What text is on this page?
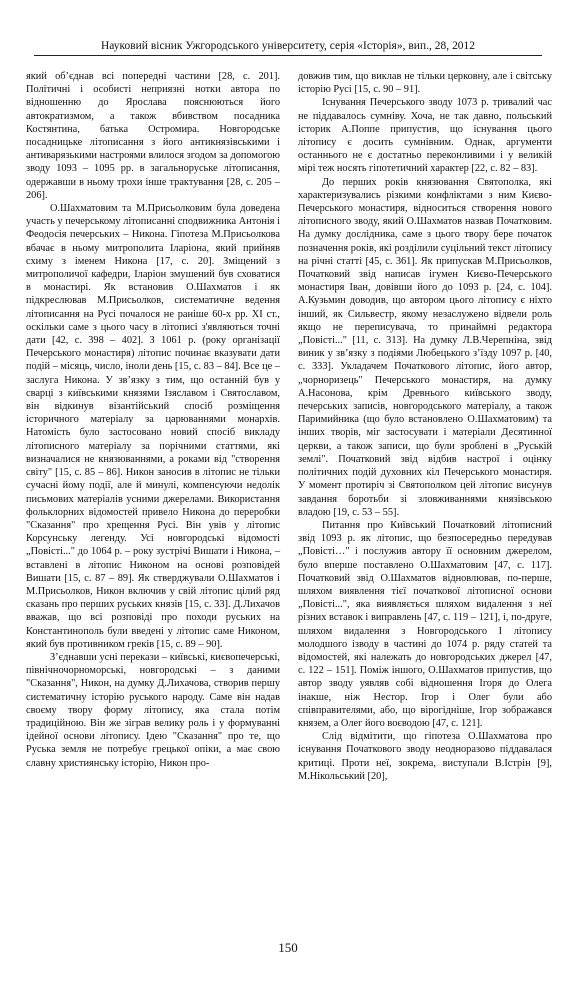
Науковий вісник Ужгородського університету, серія «Історія», вип., 28, 2012

який об’єднав всі попередні частини [28, с. 201]. Політичні і особисті неприязні нотки автора по відношенню до Ярослава пояснюються його автократизмом, а також вбивством посадника Костянтина, батька Остромира. Новгородське посадницьке літописання з його антикнязівськими і антиварязькими настроями влилося згодом за допомогою зводу 1093 – 1095 рр. в загальноруське літописання, одержавши в ньому трохи інше трактування [28, с. 205 – 206].

О.Шахматовим та М.Присьолковим була доведена участь у печерському літописанні сподвижника Антонія і Феодосія печерських – Никона. Гіпотеза М.Присьолкова вбачає в ньому митрополита Іларіона, який прийняв схиму з іменем Никона [17, с. 20]. Зміщений з митрополичої кафедри, Іларіон змушений був сховатися в монастирі. Як встановив О.Шахматов і як підкреслював М.Присьолков, систематичне ведення літописання на Русі почалося не раніше 60-х рр. ХІ ст., оскільки саме з цього часу в літописі з'являються точні дати [42, с. 398 – 402]. З 1061 р. (року організації Печерського монастиря) літопис починає вказувати дати подій – місяць, число, іноли день [15, с. 83 – 84]. Все це – заслуга Никона. У зв’язку з тим, що останній був у сварці з київськими князями Ізяславом і Святославом, він відкинув візантійський спосіб розміщення історичного матеріалу за царюваннями монархів. Натомість було застосовано новий спосіб викладу літописного матеріалу за порічними статтями, які визначалися не князюваннями, а роками від "створення світу" [15, с. 85 – 86]. Никон заносив в літопис не тільки сучасні йому події, але й минулі, компенсуючи недолік письмових матеріалів усними джерелами. Використання фольклорних відомостей привело Никона до переробки "Сказання" про хрещення Русі. Він увів у літопис Корсунську легенду. Усі новгородські відомості „Повісті..." до 1064 р. – року зустрічі Вишати і Никона, – вставлені в літопис Никоном на основі розповідей Вишати [15, с. 87 – 89]. Як стверджували О.Шахматов і М.Присьолков, Никон включив у свій літопис цілий ряд сказань про перших руських князів [15, с. 33]. Д.Лихачов вважав, що всі розповіді про походи руських на Константинополь були введені у літопис саме Никоном, який був противником греків [15, с. 89 – 90].

З’єднавши усні перекази – київські, києвопечерські, північночорноморські, новгородські – з даними "Сказання", Никон, на думку Д.Лихачова, створив першу систематичну історію руського народу. Саме він надав своєму твору форму літопису, яка стала потім традиційною. Він же зіграв велику роль і у формуванні ідейної основи літопису. Ідею "Сказання" про те, що Руська земля не потребує грецької опіки, а має свою славну християнську історію, Никон про-

довжив тим, що виклав не тільки церковну, але і світську історію Русі [15, с. 90 – 91].

Існування Печерського зводу 1073 р. тривалий час не піддавалось сумніву. Хоча, не так давно, польський історик А.Поппе припустив, що існування цього літопису є досить сумнівним. Однак, аргументи останнього не є достатньо переконливими і у великій мірі теж носять гіпотетичний характер [22, с. 82 – 83].

До перших років князювання Святополка, які характеризувались різкими конфліктами з ним Києво-Печерського монастиря, відноситься створення нового літописного зводу, який О.Шахматов назвав Початковим. На думку дослідника, саме з цього твору бере початок позначення років, які розділили суцільний текст літопису на річні статті [45, с. 361]. Як припускав М.Присьолков, Початковий звід написав ігумен Києво-Печерського монастиря Іван, довівши його до 1093 р. [24, с. 104]. А.Кузьмин доводив, що автором цього літопису є ніхто інший, як Сильвестр, якому незаслужено відвели роль якщо не переписувача, то принаймні редактора „Повісті..." [11, с. 313]. На думку Л.В.Черепніна, звід виник у зв’язку з подіями Любецького з’їзду 1097 р. [40, с. 333]. Укладачем Початкового літопис, його автор, „чорноризець" Печерського монастиря, на думку А.Насонова, крім Древнього київського зводу, печерських записів, новгородського матеріалу, а також Паримийника (що було встановлено О.Шахматовим) та інших творів, міг застосувати і матеріали Десятинної церкви, а також записи, що були зроблені в „Руській землі". Початковий звід відбив настрої і оцінку політичних подій духовних кіл Печерського монастиря. У момент протиріч зі Святополком цей літопис висунув завдання боротьби зі зловживаннями князівською владою [19, с. 53 – 55].

Питання про Київський Початковий літописний звід 1093 р. як літопис, що безпосередньо передував „Повісті…" і послужив автору її основним джерелом, було вперше поставлено О.Шахматовим [47, с. 117]. Початковий звід О.Шахматов відновлював, по-перше, шляхом виявлення тієї початкової літописної основи „Повісті...", яка виявляється шляхом видалення з неї різних вставок і виправлень [47, с. 119 – 121], і, по-друге, шляхом видалення з Новгородського І літопису молодшого ізводу в частині до 1074 р. ряду статей та відомостей, які належать до новгородських джерел [47, с. 122 – 151]. Поміж іншого, О.Шахматов припустив, що автор зводу уявляв собі відношення Ігоря до Олега інакше, ніж Нестор. Ігор і Олег були або співправителями, або, що вірогідніше, Ігор зображався князем, а Олег його воєводою [47, с. 121].

Слід відмітити, що гіпотеза О.Шахматова про існування Початкового зводу неодноразово піддавалася критиці. Проти неї, зокрема, виступали В.Істрін [9], М.Нікольський [20],

150
